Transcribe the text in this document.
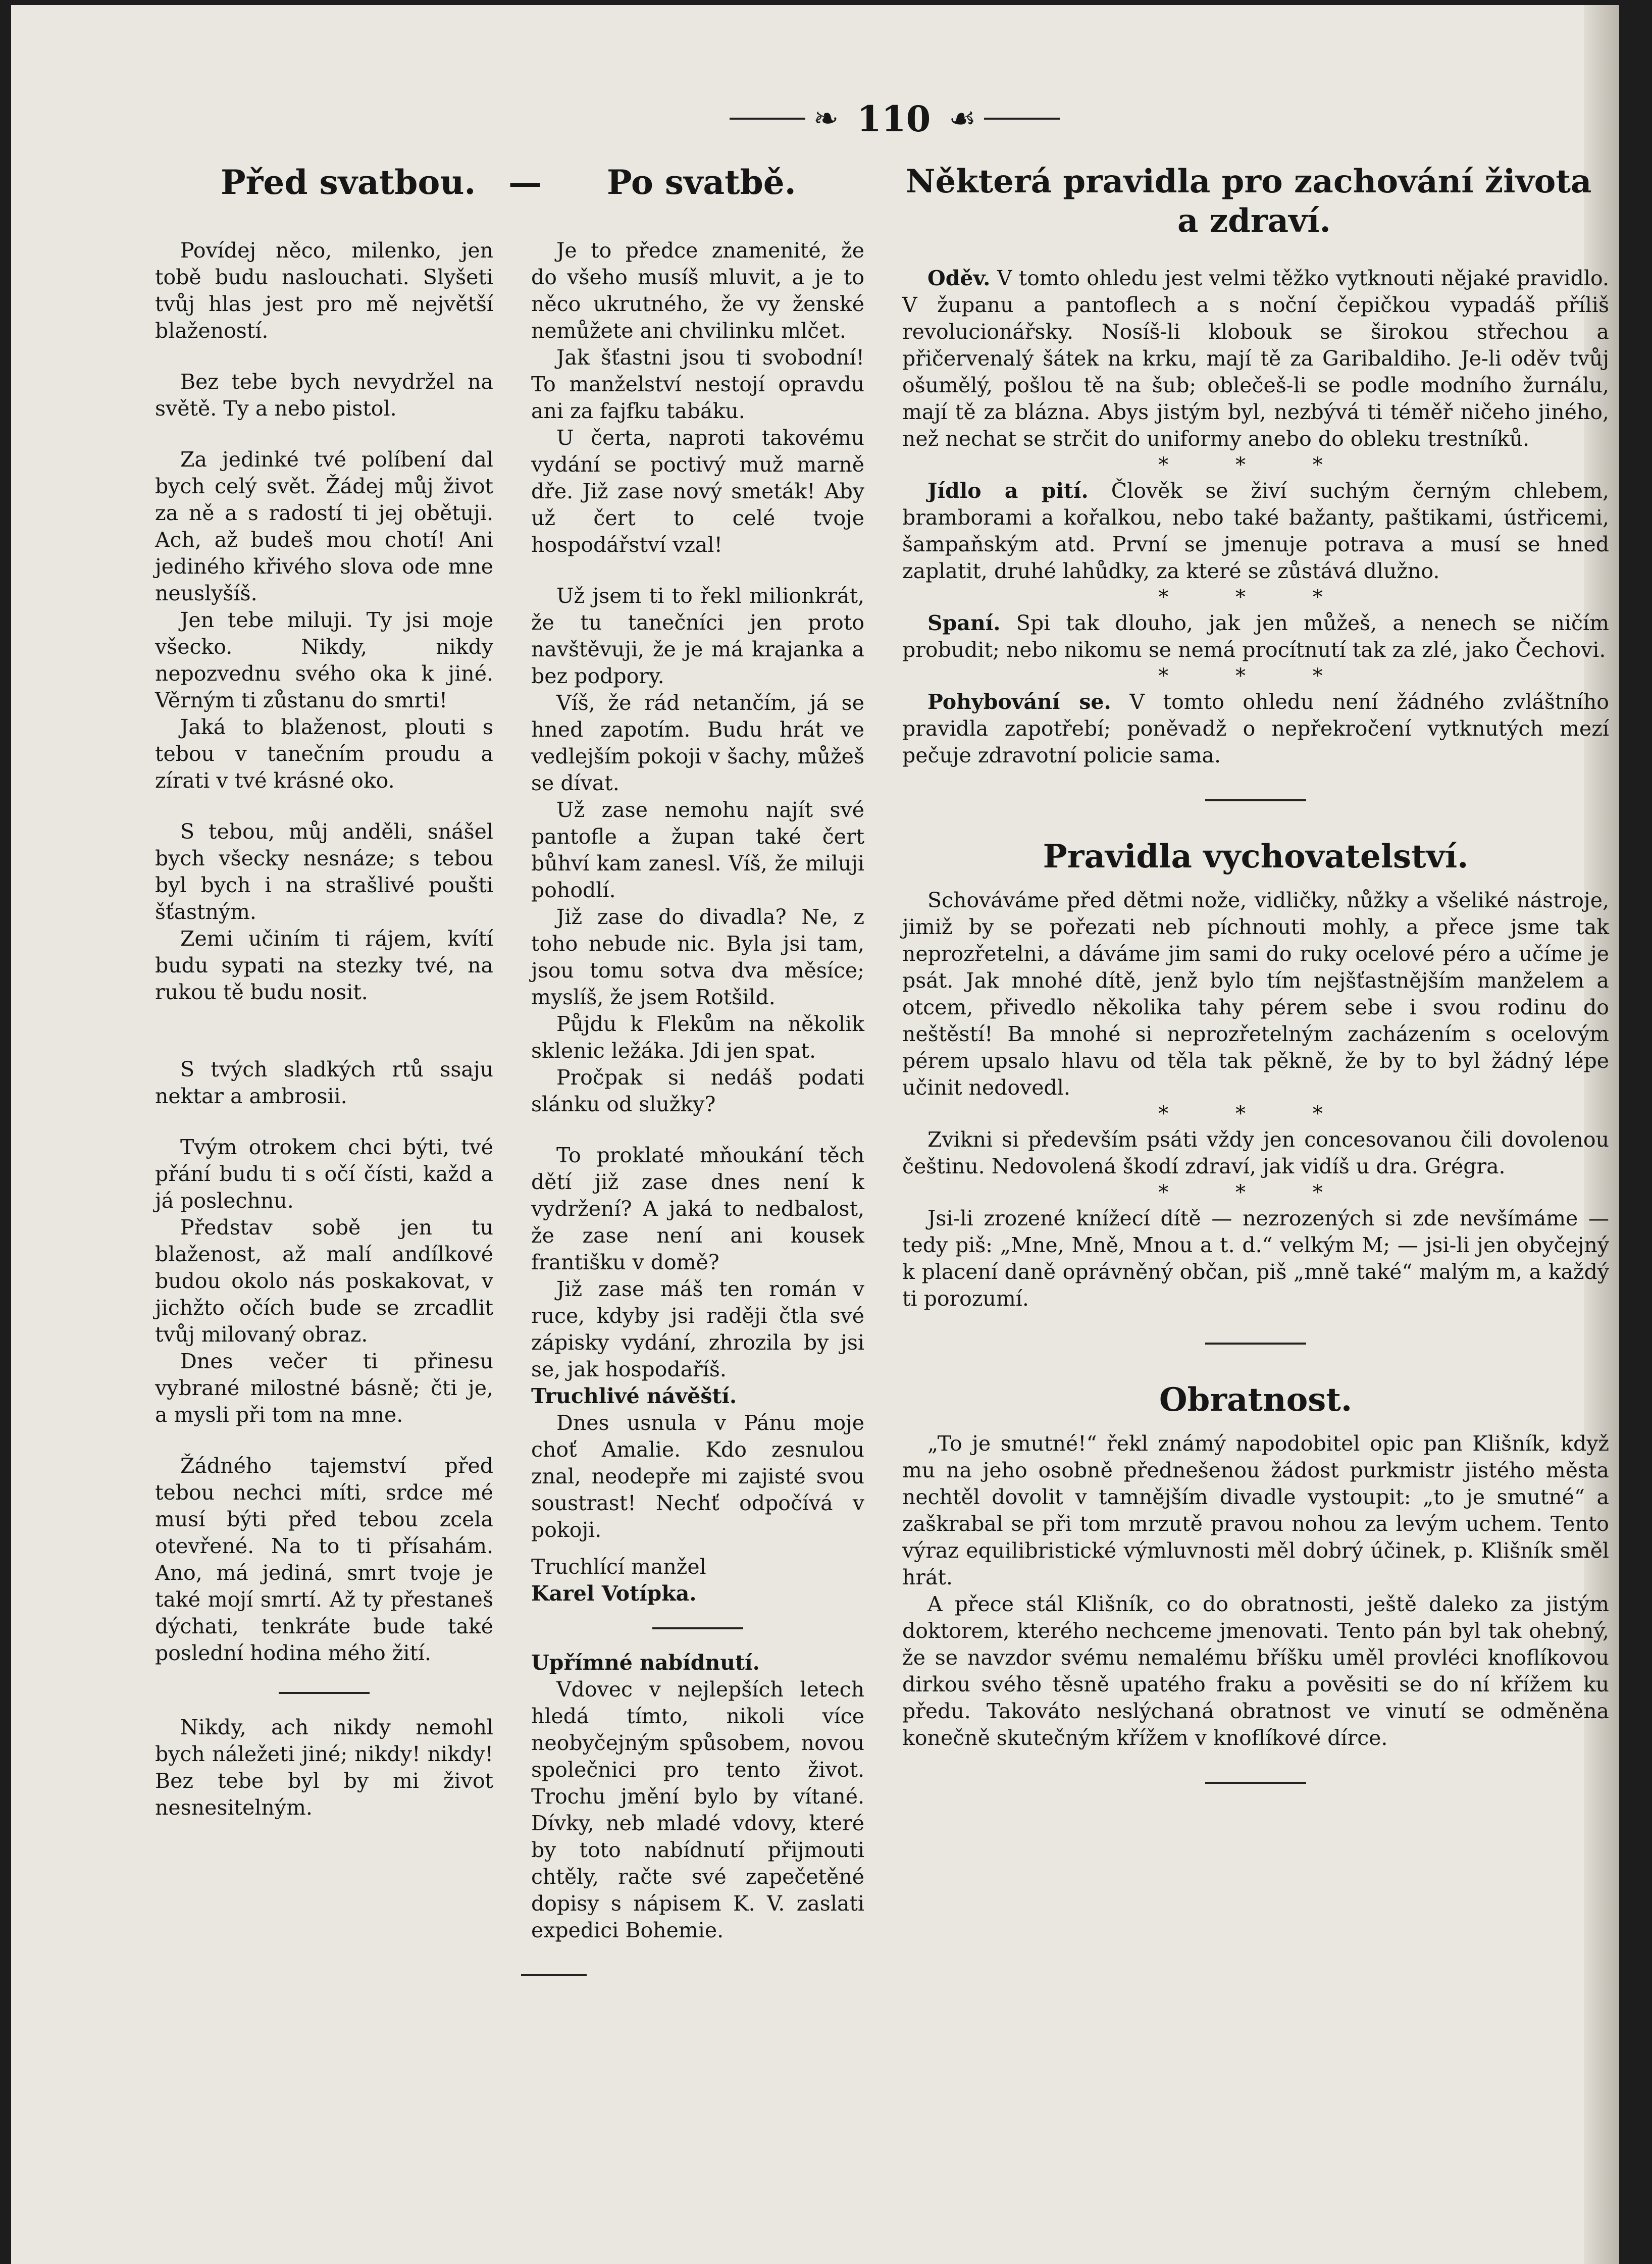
❧ 110 ☙
Před svatbou. — Po svatbě.	Některá pravidla pro zachování života
a zdraví.

Povídej něco, milenko, jen tobě budu naslouchati. Slyšeti tvůj hlas jest pro mě největší blažeností.

Bez tebe bych nevydržel na světě. Ty a nebo pistol.

Za jedinké tvé políbení dal bych celý svět. Žádej můj život za ně a s radostí ti jej obětuji. Ach, až budeš mou chotí! Ani jediného křivého slova ode mne neuslyšíš.

Jen tebe miluji. Ty jsi moje všecko. Nikdy, nikdy nepozvednu svého oka k jiné. Věrným ti zůstanu do smrti!

Jaká to blaženost, plouti s tebou v tanečním proudu a zírati v tvé krásné oko.

S tebou, můj anděli, snášel bych všecky nesnáze; s tebou byl bych i na strašlivé poušti šťastným.

Zemi učiním ti rájem, kvítí budu sypati na stezky tvé, na rukou tě budu nosit.

S tvých sladkých rtů ssaju nektar a ambrosii.

Tvým otrokem chci býti, tvé přání budu ti s očí čísti, každ a já poslechnu.

Představ sobě jen tu blaženost, až malí andílkové budou okolo nás poskakovat, v jichžto očích bude se zrcadlit tvůj milovaný obraz.

Dnes večer ti přinesu vybrané milostné básně; čti je, a mysli při tom na mne.

Žádného tajemství před tebou nechci míti, srdce mé musí býti před tebou zcela otevřené. Na to ti přísahám. Ano, má jediná, smrt tvoje je také mojí smrtí. Až ty přestaneš dýchati, tenkráte bude také poslední hodina mého žití.

Nikdy, ach nikdy nemohl bych náležeti jiné; nikdy! nikdy! Bez tebe byl by mi život nesnesitelným.

Je to předce znamenité, že do všeho musíš mluvit, a je to něco ukrutného, že vy ženské nemůžete ani chvilinku mlčet.

Jak šťastni jsou ti svobodní! To manželství nestojí opravdu ani za fajfku tabáku.

U čerta, naproti takovému vydání se poctivý muž marně dře. Již zase nový smeták! Aby už čert to celé tvoje hospodářství vzal!

Už jsem ti to řekl milionkrát, že tu tanečníci jen proto navštěvuji, že je má krajanka a bez podpory.

Víš, že rád netančím, já se hned zapotím. Budu hrát ve vedlejším pokoji v šachy, můžeš se dívat.

Už zase nemohu najít své pantofle a župan také čert bůhví kam zanesl. Víš, že miluji pohodlí.

Již zase do divadla? Ne, z toho nebude nic. Byla jsi tam, jsou tomu sotva dva měsíce; myslíš, že jsem Rotšild.

Půjdu k Flekům na několik sklenic ležáka. Jdi jen spat.

Pročpak si nedáš podati slánku od služky?

To proklaté mňoukání těch dětí již zase dnes není k vydržení? A jaká to nedbalost, že zase není ani kousek františku v domě?

Již zase máš ten román v ruce, kdyby jsi raději čtla své zápisky vydání, zhrozila by jsi se, jak hospodaříš.

Truchlivé návěští.

Dnes usnula v Pánu moje choť Amalie. Kdo zesnulou znal, neodepře mi zajisté svou soustrast! Nechť odpočívá v pokoji.

Truchlící manžel

Karel Votípka.

Upřímné nabídnutí.

Vdovec v nejlepších letech hledá tímto, nikoli více neobyčejným spůsobem, novou společnici pro tento život. Trochu jmění bylo by vítané. Dívky, neb mladé vdovy, které by toto nabídnutí přijmouti chtěly, račte své zapečetěné dopisy s nápisem K. V. zaslati expedici Bohemie.

Oděv. V tomto ohledu jest velmi těžko vytknouti nějaké pravidlo. V županu a pantoflech a s noční čepičkou vypadáš příliš revolucionářsky. Nosíš-li klobouk se širokou střechou a přičervenalý šátek na krku, mají tě za Garibaldiho. Je-li oděv tvůj ošumělý, pošlou tě na šub; oblečeš-li se podle modního žurnálu, mají tě za blázna. Abys jistým byl, nezbývá ti téměř ničeho jiného, než nechat se strčit do uniformy anebo do obleku trestníků.

* * *

Jídlo a pití. Člověk se živí suchým černým chlebem, bramborami a kořalkou, nebo také bažanty, paštikami, ústřicemi, šampaňským atd. První se jmenuje potrava a musí se hned zaplatit, druhé lahůdky, za které se zůstává dlužno.

* * *

Spaní. Spi tak dlouho, jak jen můžeš, a nenech se ničím probudit; nebo nikomu se nemá procítnutí tak za zlé, jako Čechovi.

* * *

Pohybování se. V tomto ohledu není žádného zvláštního pravidla zapotřebí; poněvadž o nepřekročení vytknutých mezí pečuje zdravotní policie sama.

Pravidla vychovatelství.

Schováváme před dětmi nože, vidličky, nůžky a všeliké nástroje, jimiž by se pořezati neb píchnouti mohly, a přece jsme tak neprozřetelni, a dáváme jim sami do ruky ocelové péro a učíme je psát. Jak mnohé dítě, jenž bylo tím nejšťastnějším manželem a otcem, přivedlo několika tahy pérem sebe i svou rodinu do neštěstí! Ba mnohé si neprozřetelným zacházením s ocelovým pérem upsalo hlavu od těla tak pěkně, že by to byl žádný lépe učinit nedovedl.

* * *

Zvikni si především psáti vždy jen concesovanou čili dovolenou češtinu. Nedovolená škodí zdraví, jak vidíš u dra. Grégra.

* * *

Jsi-li zrozené knížecí dítě — nezrozených si zde nevšímáme — tedy piš: „Mne, Mně, Mnou a t. d.“ velkým M; — jsi-li jen obyčejný k placení daně oprávněný občan, piš „mně také“ malým m, a každý ti porozumí.

Obratnost.

„To je smutné!“ řekl známý napodobitel opic pan Klišník, když mu na jeho osobně přednešenou žádost purkmistr jistého města nechtěl dovolit v tamnějším divadle vystoupit: „to je smutné“ a zaškrabal se při tom mrzutě pravou nohou za levým uchem. Tento výraz equilibristické výmluvnosti měl dobrý účinek, p. Klišník směl hrát.

A přece stál Klišník, co do obratnosti, ještě daleko za jistým doktorem, kterého nechceme jmenovati. Tento pán byl tak ohebný, že se navzdor svému nemalému bříšku uměl provléci knoflíkovou dirkou svého těsně upatého fraku a pověsiti se do ní křížem ku předu. Takováto neslýchaná obratnost ve vinutí se odměněna konečně skutečným křížem v knoflíkové dírce.
